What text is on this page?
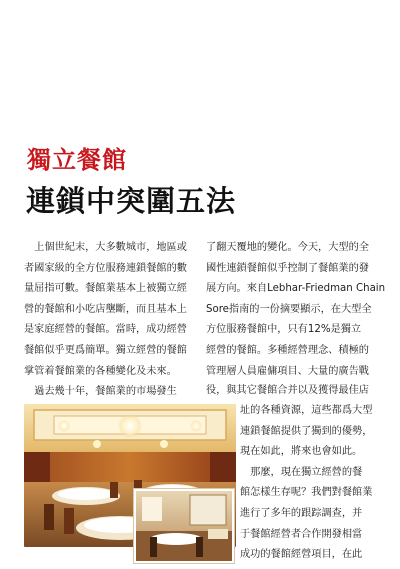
獨立餐館
連鎖中突圍五法
　上個世紀末，大多數城市，地區或
者國家級的全方位服務連鎖餐館的數
量屈指可數。餐館業基本上被獨立經
營的餐館和小吃店壟斷，而且基本上
是家庭經營的餐館。當時，成功經營
餐館似乎更爲簡單。獨立經營的餐館
掌管着餐館業的各種變化及未來。
　過去幾十年，餐館業的市場發生
了翻天覆地的變化。今天，大型的全
國性連鎖餐館似乎控制了餐館業的發
展方向。來自Lebhar-Friedman Chain
Sore指南的一份摘要顯示，在大型全
方位服務餐館中，只有12%是獨立
經營的餐館。多種經營理念、積極的
管理層人員雇傭項目、大量的廣告戰
役，與其它餐館合并以及獲得最佳店
址的各種資源，這些都爲大型
連鎖餐館提供了獨到的優勢，
現在如此，將來也會如此。
　那麼，現在獨立經營的餐
館怎樣生存呢？我們對餐館業
進行了多年的跟踪調查，并
于餐館經營者合作開發相當
成功的餐館經營項目，在此
